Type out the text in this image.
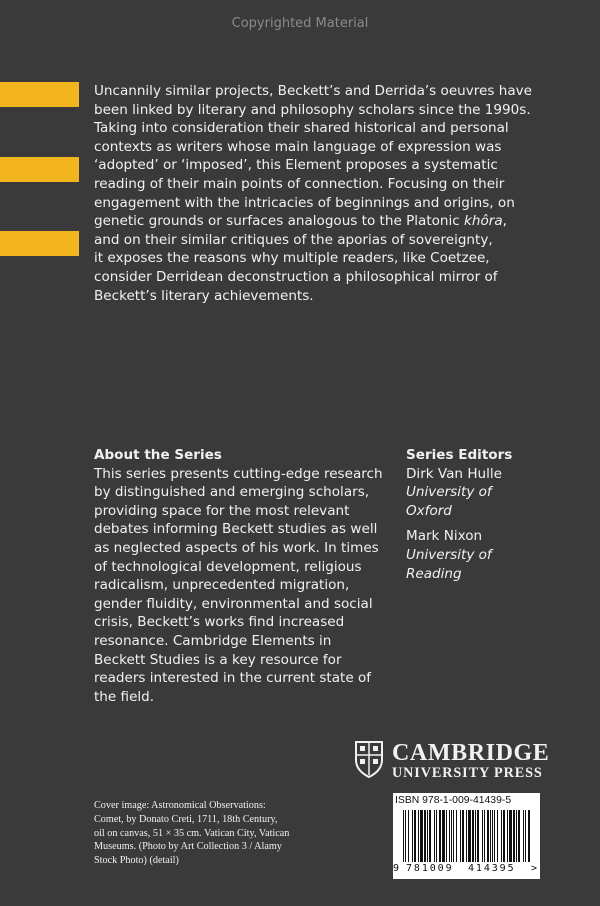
Copyrighted Material

Uncannily similar projects, Beckett’s and Derrida’s oeuvres have

been linked by literary and philosophy scholars since the 1990s.

Taking into consideration their shared historical and personal

contexts as writers whose main language of expression was

‘adopted’ or ‘imposed’, this Element proposes a systematic

reading of their main points of connection. Focusing on their

engagement with the intricacies of beginnings and origins, on

genetic grounds or surfaces analogous to the Platonic khôra,

and on their similar critiques of the aporias of sovereignty,

it exposes the reasons why multiple readers, like Coetzee,

consider Derridean deconstruction a philosophical mirror of

Beckett’s literary achievements.

About the Series

This series presents cutting-edge research

by distinguished and emerging scholars,

providing space for the most relevant

debates informing Beckett studies as well

as neglected aspects of his work. In times

of technological development, religious

radicalism, unprecedented migration,

gender fluidity, environmental and social

crisis, Beckett’s works find increased

resonance. Cambridge Elements in

Beckett Studies is a key resource for

readers interested in the current state of

the field.

Series Editors

Dirk Van Hulle

University of

Oxford

Mark Nixon

University of

Reading

CAMBRIDGE
UNIVERSITY PRESS
Cover image: Astronomical Observations:
Comet, by Donato Creti, 1711, 18th Century,
oil on canvas, 51 × 35 cm. Vatican City, Vatican
Museums. (Photo by Art Collection 3 / Alamy
Stock Photo) (detail)
ISBN 978-1-009-41439-5
9 781009 414395 >
